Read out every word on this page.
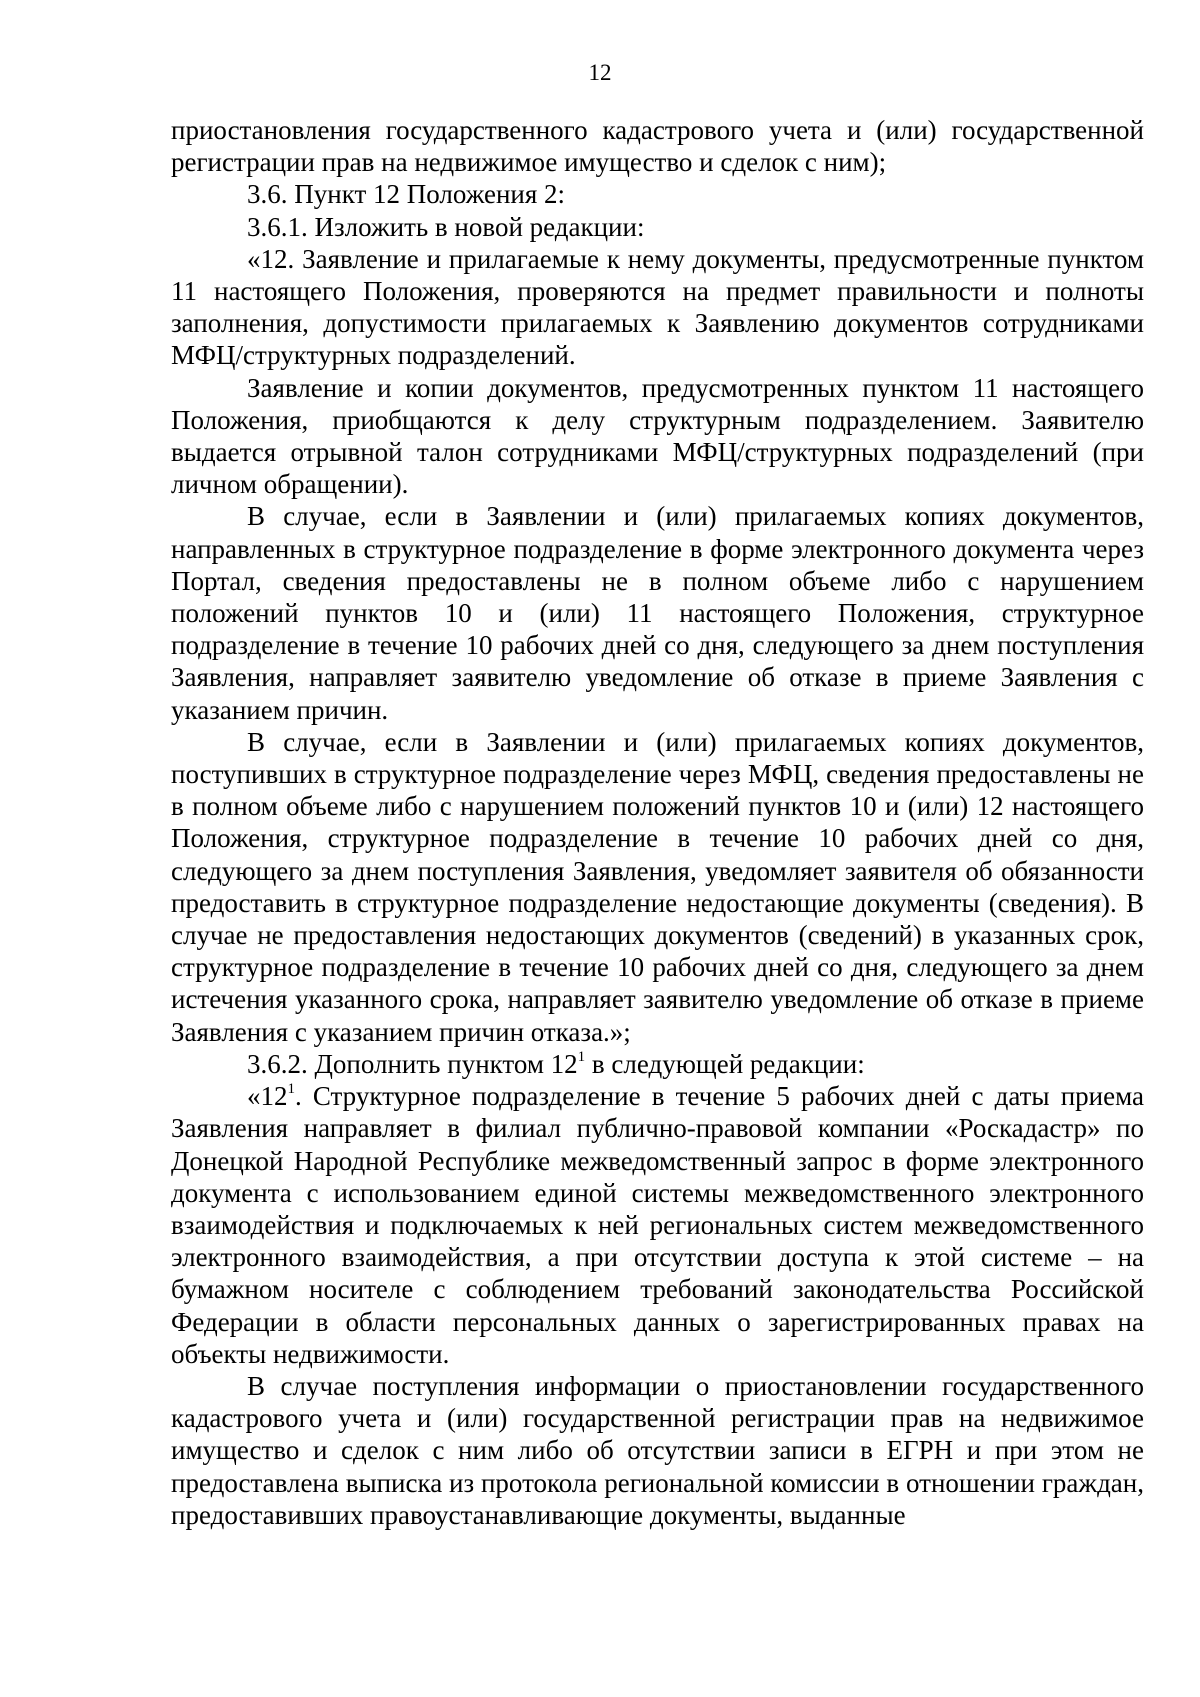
12

приостановления государственного кадастрового учета и (или) государственной регистрации прав на недвижимое имущество и сделок с ним);

3.6. Пункт 12 Положения 2:

3.6.1. Изложить в новой редакции:

«12. Заявление и прилагаемые к нему документы, предусмотренные пунктом 11 настоящего Положения, проверяются на предмет правильности и полноты заполнения, допустимости прилагаемых к Заявлению документов сотрудниками МФЦ/структурных подразделений.

Заявление и копии документов, предусмотренных пунктом 11 настоящего Положения, приобщаются к делу структурным подразделением. Заявителю выдается отрывной талон сотрудниками МФЦ/структурных подразделений (при личном обращении).

В случае, если в Заявлении и (или) прилагаемых копиях документов, направленных в структурное подразделение в форме электронного документа через Портал, сведения предоставлены не в полном объеме либо с нарушением положений пунктов 10 и (или) 11 настоящего Положения, структурное подразделение в течение 10 рабочих дней со дня, следующего за днем поступления Заявления, направляет заявителю уведомление об отказе в приеме Заявления с указанием причин.

В случае, если в Заявлении и (или) прилагаемых копиях документов, поступивших в структурное подразделение через МФЦ, сведения предоставлены не в полном объеме либо с нарушением положений пунктов 10 и (или) 12 настоящего Положения, структурное подразделение в течение 10 рабочих дней со дня, следующего за днем поступления Заявления, уведомляет заявителя об обязанности предоставить в структурное подразделение недостающие документы (сведения). В случае не предоставления недостающих документов (сведений) в указанных срок, структурное подразделение в течение 10 рабочих дней со дня, следующего за днем истечения указанного срока, направляет заявителю уведомление об отказе в приеме Заявления с указанием причин отказа.»;

3.6.2. Дополнить пунктом $12^1$ в следующей редакции:

«$12^1$. Структурное подразделение в течение 5 рабочих дней с даты приема Заявления направляет в филиал публично-правовой компании «Роскадастр» по Донецкой Народной Республике межведомственный запрос в форме электронного документа с использованием единой системы межведомственного электронного взаимодействия и подключаемых к ней региональных систем межведомственного электронного взаимодействия, а при отсутствии доступа к этой системе – на бумажном носителе с соблюдением требований законодательства Российской Федерации в области персональных данных о зарегистрированных правах на объекты недвижимости.

В случае поступления информации о приостановлении государственного кадастрового учета и (или) государственной регистрации прав на недвижимое имущество и сделок с ним либо об отсутствии записи в ЕГРН и при этом не предоставлена выписка из протокола региональной комиссии в отношении граждан, предоставивших правоустанавливающие документы, выданные
